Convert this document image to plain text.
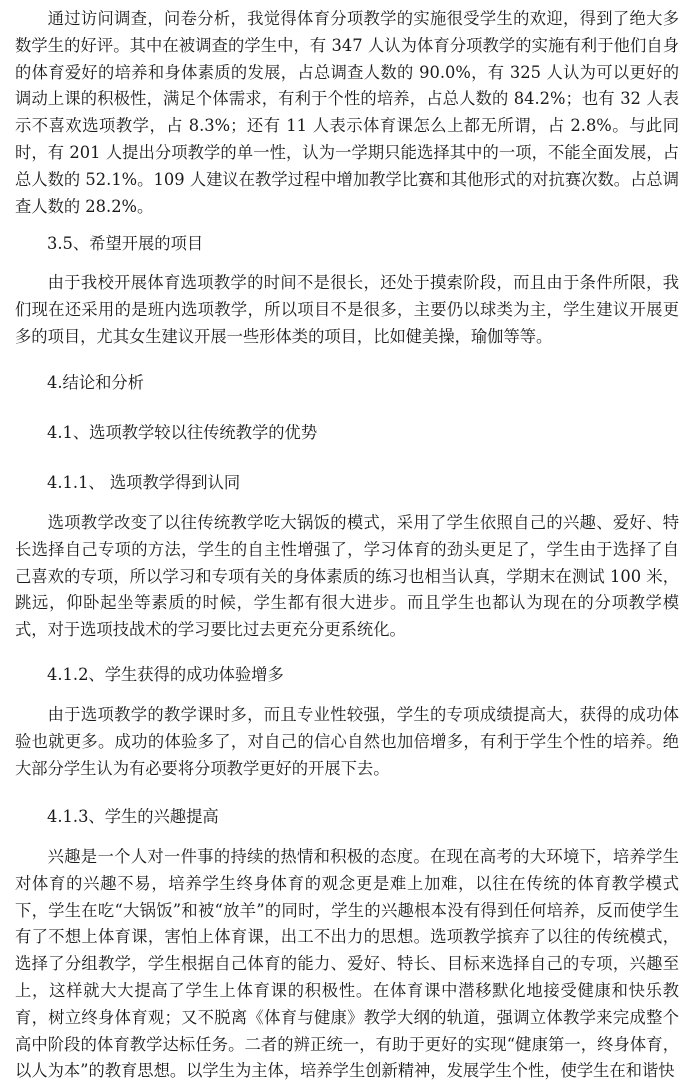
通过访问调查，问卷分析，我觉得体育分项教学的实施很受学生的欢迎，得到了绝大多数学生的好评。其中在被调查的学生中，有 347 人认为体育分项教学的实施有利于他们自身的体育爱好的培养和身体素质的发展，占总调查人数的 90.0%，有 325 人认为可以更好的调动上课的积极性，满足个体需求，有利于个性的培养，占总人数的 84.2%；也有 32 人表示不喜欢选项教学，占 8.3%；还有 11 人表示体育课怎么上都无所谓，占 2.8%。与此同时，有 201 人提出分项教学的单一性，认为一学期只能选择其中的一项，不能全面发展，占总人数的 52.1%。109 人建议在教学过程中增加教学比赛和其他形式的对抗赛次数。占总调查人数的 28.2%。

3.5、希望开展的项目

由于我校开展体育选项教学的时间不是很长，还处于摸索阶段，而且由于条件所限，我们现在还采用的是班内选项教学，所以项目不是很多，主要仍以球类为主，学生建议开展更多的项目，尤其女生建议开展一些形体类的项目，比如健美操，瑜伽等等。

4.结论和分析

4.1、选项教学较以往传统教学的优势

4.1.1、 选项教学得到认同

选项教学改变了以往传统教学吃大锅饭的模式，采用了学生依照自己的兴趣、爱好、特长选择自己专项的方法，学生的自主性增强了，学习体育的劲头更足了，学生由于选择了自己喜欢的专项，所以学习和专项有关的身体素质的练习也相当认真，学期末在测试 100 米，跳远，仰卧起坐等素质的时候，学生都有很大进步。而且学生也都认为现在的分项教学模式，对于选项技战术的学习要比过去更充分更系统化。

4.1.2、学生获得的成功体验增多

由于选项教学的教学课时多，而且专业性较强，学生的专项成绩提高大，获得的成功体验也就更多。成功的体验多了，对自己的信心自然也加倍增多，有利于学生个性的培养。绝大部分学生认为有必要将分项教学更好的开展下去。

4.1.3、学生的兴趣提高

兴趣是一个人对一件事的持续的热情和积极的态度。在现在高考的大环境下，培养学生对体育的兴趣不易，培养学生终身体育的观念更是难上加难，以往在传统的体育教学模式下，学生在吃“大锅饭”和被“放羊”的同时，学生的兴趣根本没有得到任何培养，反而使学生有了不想上体育课，害怕上体育课，出工不出力的思想。选项教学摈弃了以往的传统模式，选择了分组教学，学生根据自己体育的能力、爱好、特长、目标来选择自己的专项，兴趣至上，这样就大大提高了学生上体育课的积极性。在体育课中潜移默化地接受健康和快乐教育，树立终身体育观；又不脱离《体育与健康》教学大纲的轨道，强调立体教学来完成整个高中阶段的体育教学达标任务。二者的辨正统一，有助于更好的实现“健康第一，终身体育，以人为本”的教育思想。以学生为主体，培养学生创新精神，发展学生个性，使学生在和谐快
